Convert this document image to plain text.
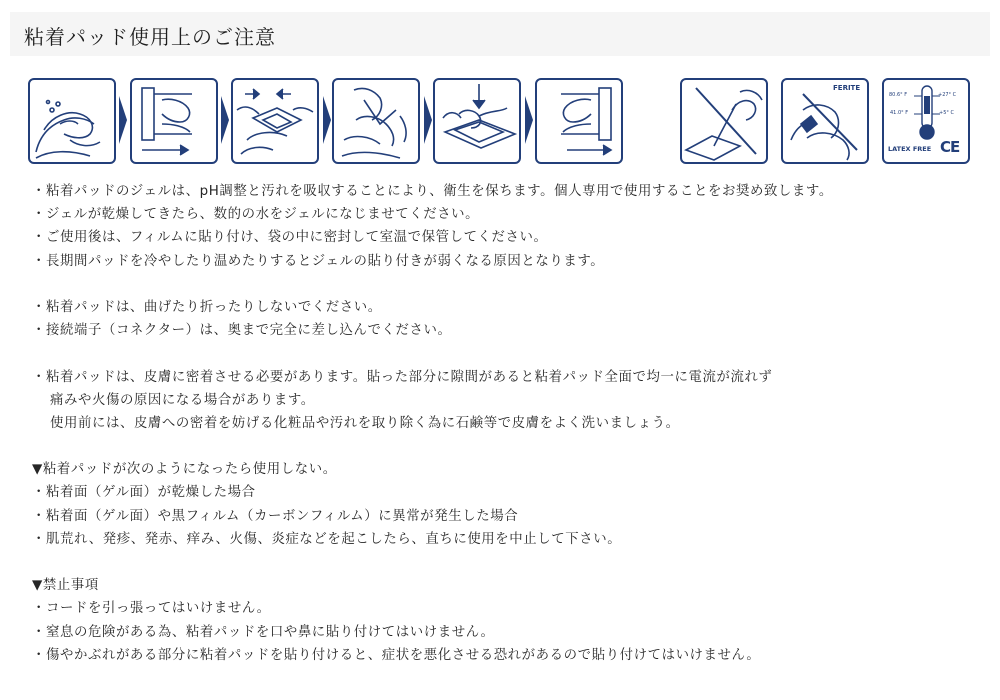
粘着パッド使用上のご注意
FERITE
80.6° F	+27° C
41.0° F	+5° C
LATEX FREE CE
・粘着パッドのジェルは、pH調整と汚れを吸収することにより、衛生を保ちます。個人専用で使用することをお奨め致します。
・ジェルが乾燥してきたら、数的の水をジェルになじませてください。
・ご使用後は、フィルムに貼り付け、袋の中に密封して室温で保管してください。
・長期間パッドを冷やしたり温めたりするとジェルの貼り付きが弱くなる原因となります。
・粘着パッドは、曲げたり折ったりしないでください。
・接続端子（コネクター）は、奥まで完全に差し込んでください。
・粘着パッドは、皮膚に密着させる必要があります。貼った部分に隙間があると粘着パッド全面で均一に電流が流れず
痛みや火傷の原因になる場合があります。
使用前には、皮膚への密着を妨げる化粧品や汚れを取り除く為に石鹸等で皮膚をよく洗いましょう。
▼粘着パッドが次のようになったら使用しない。
・粘着面（ゲル面）が乾燥した場合
・粘着面（ゲル面）や黒フィルム（カーボンフィルム）に異常が発生した場合
・肌荒れ、発疹、発赤、痒み、火傷、炎症などを起こしたら、直ちに使用を中止して下さい。
▼禁止事項
・コードを引っ張ってはいけません。
・窒息の危険がある為、粘着パッドを口や鼻に貼り付けてはいけません。
・傷やかぶれがある部分に粘着パッドを貼り付けると、症状を悪化させる恐れがあるので貼り付けてはいけません。
